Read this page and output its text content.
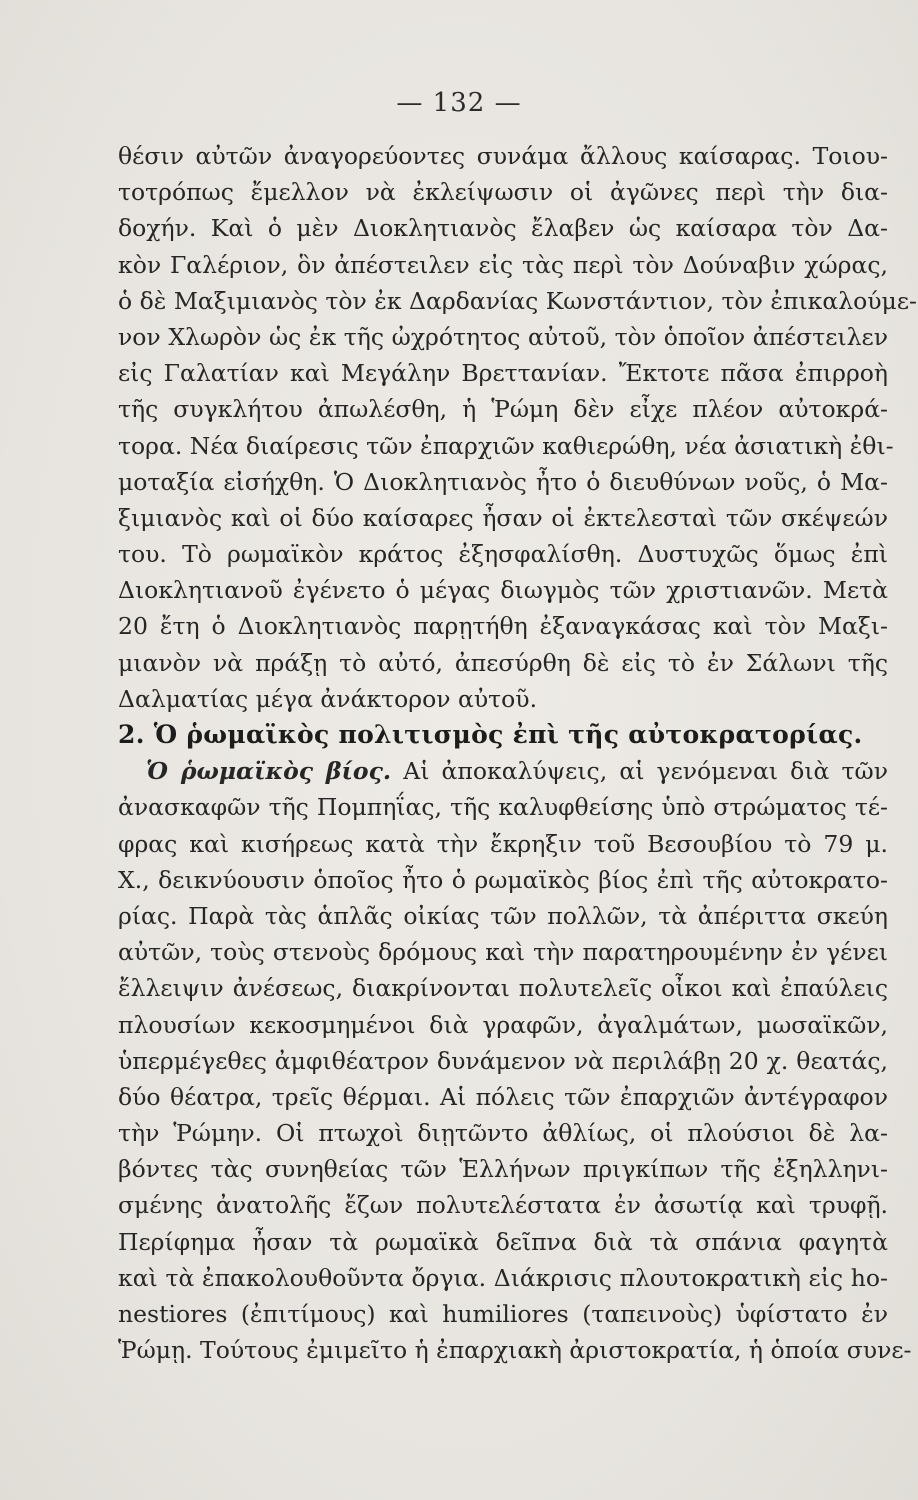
— 132 —
θέσιν αὐτῶν ἀναγορεύοντες συνάμα ἄλλους καίσαρας. Τοιου-
τοτρόπως ἔμελλον νὰ ἐκλείψωσιν οἱ ἀγῶνες περὶ τὴν δια-
δοχήν. Καὶ ὁ μὲν Διοκλητιανὸς ἔλαβεν ὡς καίσαρα τὸν Δα-
κὸν Γαλέριον, ὃν ἀπέστειλεν εἰς τὰς περὶ τὸν Δούναβιν χώρας,
ὁ δὲ Μαξιμιανὸς τὸν ἐκ Δαρδανίας Κωνστάντιον, τὸν ἐπικαλούμε-
νον Χλωρὸν ὡς ἐκ τῆς ὠχρότητος αὐτοῦ, τὸν ὁποῖον ἀπέστειλεν
εἰς Γαλατίαν καὶ Μεγάλην Βρεττανίαν. Ἔκτοτε πᾶσα ἐπιρροὴ
τῆς συγκλήτου ἀπωλέσθη, ἡ Ῥώμη δὲν εἶχε πλέον αὐτοκρά-
τορα. Νέα διαίρεσις τῶν ἐπαρχιῶν καθιερώθη, νέα ἀσιατικὴ ἐθι-
μοταξία εἰσήχθη. Ὁ Διοκλητιανὸς ἦτο ὁ διευθύνων νοῦς, ὁ Μα-
ξιμιανὸς καὶ οἱ δύο καίσαρες ἦσαν οἱ ἐκτελεσταὶ τῶν σκέψεών
του. Τὸ ρωμαϊκὸν κράτος ἐξησφαλίσθη. Δυστυχῶς ὅμως ἐπὶ
Διοκλητιανοῦ ἐγένετο ὁ μέγας διωγμὸς τῶν χριστιανῶν. Μετὰ
20 ἔτη ὁ Διοκλητιανὸς παρῃτήθη ἐξαναγκάσας καὶ τὸν Μαξι-
μιανὸν νὰ πράξῃ τὸ αὐτό, ἀπεσύρθη δὲ εἰς τὸ ἐν Σάλωνι τῆς
Δαλματίας μέγα ἀνάκτορον αὐτοῦ.
2. Ὁ ῥωμαϊκὸς πολιτισμὸς ἐπὶ τῆς αὐτοκρατορίας.
Ὁ ῥωμαϊκὸς βίος. Αἱ ἀποκαλύψεις, αἱ γενόμεναι διὰ τῶν
ἀνασκαφῶν τῆς Πομπηΐας, τῆς καλυφθείσης ὑπὸ στρώματος τέ-
φρας καὶ κισήρεως κατὰ τὴν ἔκρηξιν τοῦ Βεσουβίου τὸ 79 μ.
Χ., δεικνύουσιν ὁποῖος ἦτο ὁ ρωμαϊκὸς βίος ἐπὶ τῆς αὐτοκρατο-
ρίας. Παρὰ τὰς ἁπλᾶς οἰκίας τῶν πολλῶν, τὰ ἀπέριττα σκεύη
αὐτῶν, τοὺς στενοὺς δρόμους καὶ τὴν παρατηρουμένην ἐν γένει
ἔλλειψιν ἀνέσεως, διακρίνονται πολυτελεῖς οἶκοι καὶ ἐπαύλεις
πλουσίων κεκοσμημένοι διὰ γραφῶν, ἀγαλμάτων, μωσαϊκῶν,
ὑπερμέγεθες ἀμφιθέατρον δυνάμενον νὰ περιλάβῃ 20 χ. θεατάς,
δύο θέατρα, τρεῖς θέρμαι. Αἱ πόλεις τῶν ἐπαρχιῶν ἀντέγραφον
τὴν Ῥώμην. Οἱ πτωχοὶ διῃτῶντο ἀθλίως, οἱ πλούσιοι δὲ λα-
βόντες τὰς συνηθείας τῶν Ἑλλήνων πριγκίπων τῆς ἐξηλληνι-
σμένης ἀνατολῆς ἔζων πολυτελέστατα ἐν ἀσωτίᾳ καὶ τρυφῇ.
Περίφημα ἦσαν τὰ ρωμαϊκὰ δεῖπνα διὰ τὰ σπάνια φαγητὰ
καὶ τὰ ἐπακολουθοῦντα ὄργια. Διάκρισις πλουτοκρατικὴ εἰς ho-
nestiores (ἐπιτίμους) καὶ humiliores (ταπεινοὺς) ὑφίστατο ἐν
Ῥώμῃ. Τούτους ἐμιμεῖτο ἡ ἐπαρχιακὴ ἀριστοκρατία, ἡ ὁποία συνε-
